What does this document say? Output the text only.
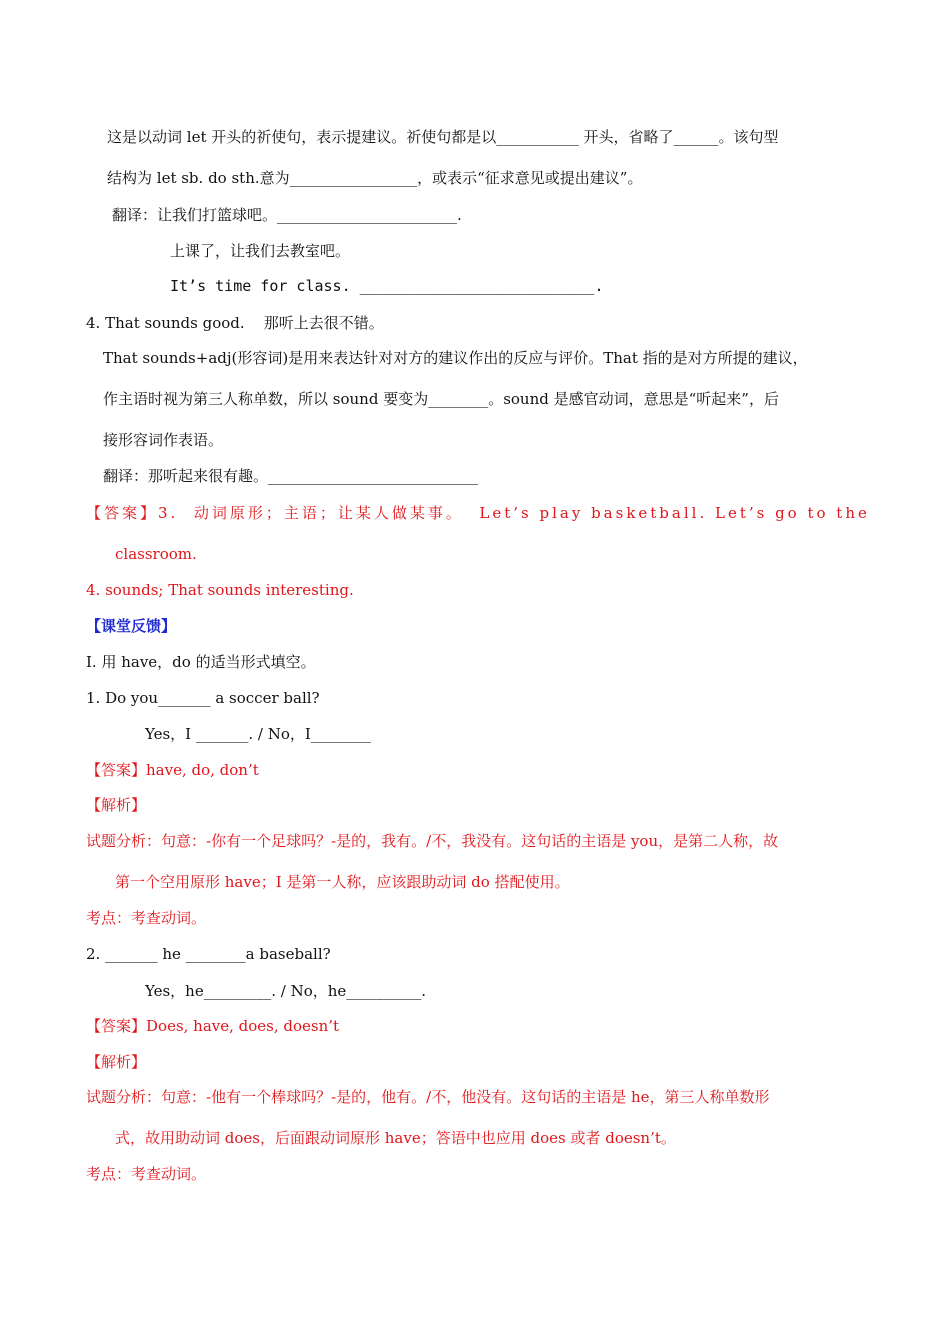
这是以动词 let 开头的祈使句，表示提建议。祈使句都是以___________ 开头，省略了______。该句型
结构为 let sb. do sth.意为_________________，或表示“征求意见或提出建议”。
翻译：让我们打篮球吧。________________________.
上课了，让我们去教室吧。
It’s time for class. __________________________.
4. That sounds good.    那听上去很不错。
That sounds+adj(形容词)是用来表达针对对方的建议作出的反应与评价。That 指的是对方所提的建议，
作主语时视为第三人称单数，所以 sound 要变为________。sound 是感官动词，意思是“听起来”，后
接形容词作表语。
翻译：那听起来很有趣。____________________________
【答案】3.  动词原形；主语；让某人做某事。  Let’s play basketball. Let’s go to the
classroom.
4. sounds; That sounds interesting.
【课堂反馈】
Ⅰ. 用 have，do 的适当形式填空。
1. Do you_______ a soccer ball?
Yes，I _______. / No，I________
【答案】have, do, don’t
【解析】
试题分析：句意：-你有一个足球吗？-是的，我有。/不，我没有。这句话的主语是 you，是第二人称，故
第一个空用原形 have；I 是第一人称，应该跟助动词 do 搭配使用。
考点：考查动词。
2. _______ he ________a baseball?
Yes，he_________. / No，he__________.
【答案】Does, have, does, doesn’t
【解析】
试题分析：句意：-他有一个棒球吗？-是的，他有。/不，他没有。这句话的主语是 he，第三人称单数形
式，故用助动词 does，后面跟动词原形 have；答语中也应用 does 或者 doesn’t。
考点：考查动词。
